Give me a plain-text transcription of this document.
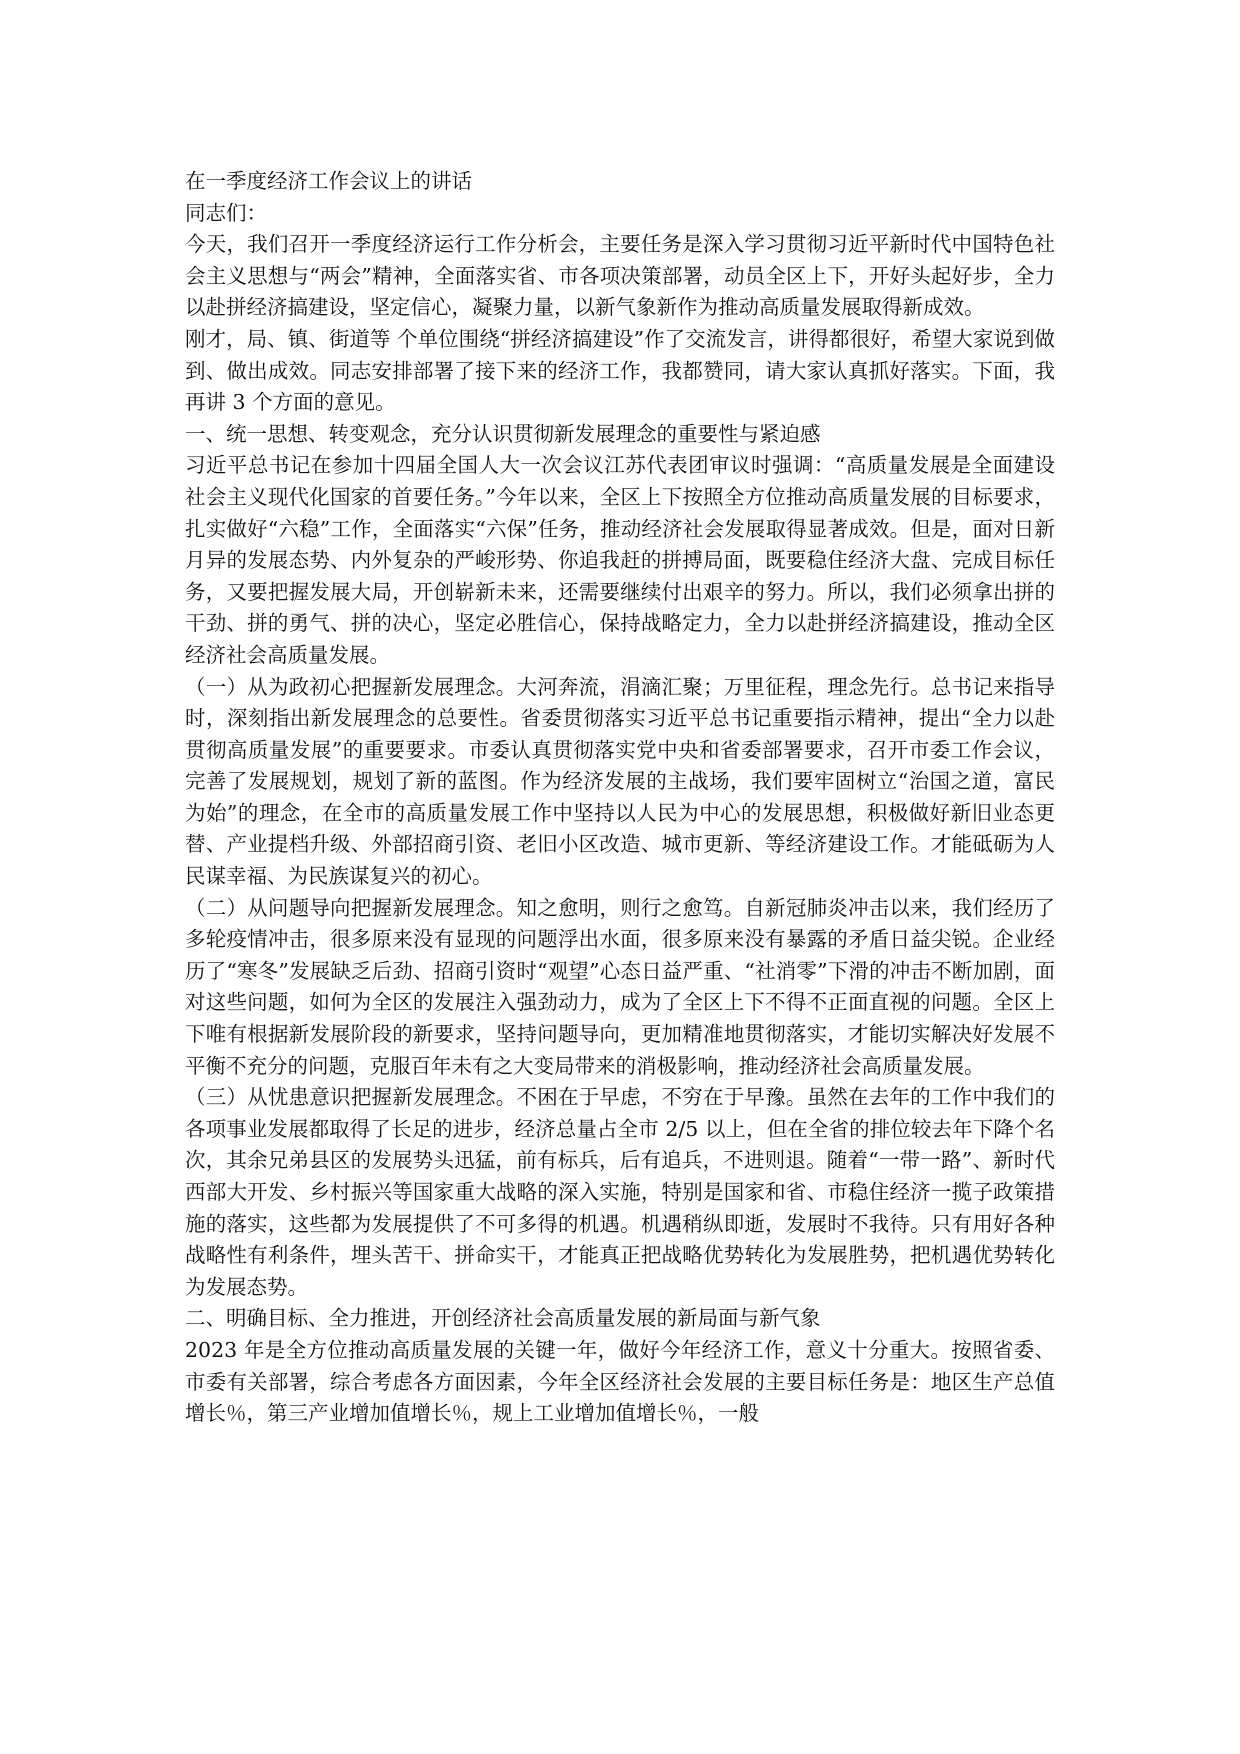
在一季度经济工作会议上的讲话

同志们：

今天，我们召开一季度经济运行工作分析会，主要任务是深入学习贯彻习近平新时代中国特色社会主义思想与“两会”精神，全面落实省、市各项决策部署，动员全区上下，开好头起好步，全力以赴拼经济搞建设，坚定信心，凝聚力量，以新气象新作为推动高质量发展取得新成效。

刚才，局、镇、街道等 个单位围绕“拼经济搞建设”作了交流发言，讲得都很好，希望大家说到做到、做出成效。同志安排部署了接下来的经济工作，我都赞同，请大家认真抓好落实。下面，我再讲 3 个方面的意见。

一、统一思想、转变观念，充分认识贯彻新发展理念的重要性与紧迫感

习近平总书记在参加十四届全国人大一次会议江苏代表团审议时强调：“高质量发展是全面建设社会主义现代化国家的首要任务。”今年以来，全区上下按照全方位推动高质量发展的目标要求，扎实做好“六稳”工作，全面落实“六保”任务，推动经济社会发展取得显著成效。但是，面对日新月异的发展态势、内外复杂的严峻形势、你追我赶的拼搏局面，既要稳住经济大盘、完成目标任务，又要把握发展大局，开创崭新未来，还需要继续付出艰辛的努力。所以，我们必须拿出拼的干劲、拼的勇气、拼的决心，坚定必胜信心，保持战略定力，全力以赴拼经济搞建设，推动全区经济社会高质量发展。

（一）从为政初心把握新发展理念。大河奔流，涓滴汇聚；万里征程，理念先行。总书记来指导时，深刻指出新发展理念的总要性。省委贯彻落实习近平总书记重要指示精神，提出“全力以赴贯彻高质量发展”的重要要求。市委认真贯彻落实党中央和省委部署要求，召开市委工作会议，完善了发展规划，规划了新的蓝图。作为经济发展的主战场，我们要牢固树立“治国之道，富民为始”的理念，在全市的高质量发展工作中坚持以人民为中心的发展思想，积极做好新旧业态更替、产业提档升级、外部招商引资、老旧小区改造、城市更新、等经济建设工作。才能砥砺为人民谋幸福、为民族谋复兴的初心。

（二）从问题导向把握新发展理念。知之愈明，则行之愈笃。自新冠肺炎冲击以来，我们经历了多轮疫情冲击，很多原来没有显现的问题浮出水面，很多原来没有暴露的矛盾日益尖锐。企业经历了“寒冬”发展缺乏后劲、招商引资时“观望”心态日益严重、“社消零”下滑的冲击不断加剧，面对这些问题，如何为全区的发展注入强劲动力，成为了全区上下不得不正面直视的问题。全区上下唯有根据新发展阶段的新要求，坚持问题导向，更加精准地贯彻落实，才能切实解决好发展不平衡不充分的问题，克服百年未有之大变局带来的消极影响，推动经济社会高质量发展。

（三）从忧患意识把握新发展理念。不困在于早虑，不穷在于早豫。虽然在去年的工作中我们的各项事业发展都取得了长足的进步，经济总量占全市 2/5 以上，但在全省的排位较去年下降个名次，其余兄弟县区的发展势头迅猛，前有标兵，后有追兵，不进则退。随着“一带一路”、新时代西部大开发、乡村振兴等国家重大战略的深入实施，特别是国家和省、市稳住经济一揽子政策措施的落实，这些都为发展提供了不可多得的机遇。机遇稍纵即逝，发展时不我待。只有用好各种战略性有利条件，埋头苦干、拼命实干，才能真正把战略优势转化为发展胜势，把机遇优势转化为发展态势。

二、明确目标、全力推进，开创经济社会高质量发展的新局面与新气象

2023 年是全方位推动高质量发展的关键一年，做好今年经济工作，意义十分重大。按照省委、市委有关部署，综合考虑各方面因素，今年全区经济社会发展的主要目标任务是：地区生产总值增长％，第三产业增加值增长％，规上工业增加值增长％，一般
